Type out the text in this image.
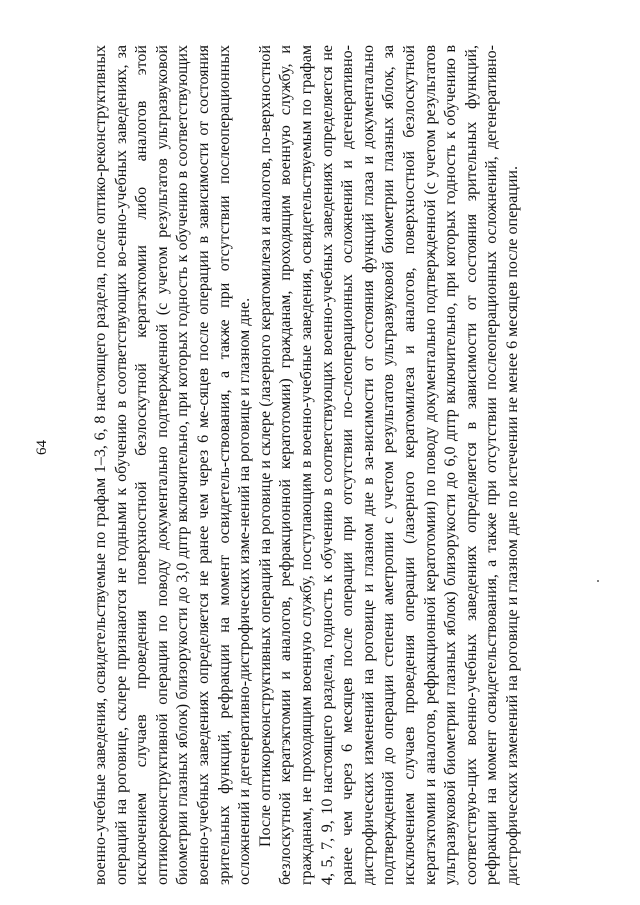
военно-учебные заведения, освидетельствуемые по графам 1–3, 6, 8 настоящего раздела, после оптико-реконструктивных операций на роговице, склере признаются не годными к обучению в соответствующих во-енно-учебных заведениях, за исключением случаев проведения поверхностной безлоскутной кератэктомии либо аналогов этой оптикореконструктивной операции по поводу документально подтвержденной (с учетом результатов ультразвуковой биометрии глазных яблок) близорукости до 3,0 дптр включительно, при которых годность к обучению в соответствующих военно-учебных заведениях определяется не ранее чем через 6 ме-сяцев после операции в зависимости от состояния зрительных функций, рефракции на момент освидетель-ствования, а также при отсутствии послеоперационных осложнений и дегенеративно-дистрофических изме-нений на роговице и глазном дне. После оптикореконструктивных операций на роговице и склере (лазерного кератомилеза и аналогов, по-верхностной безлоскутной кератэктомии и аналогов, рефракционной кератотомии) гражданам, проходящим военную службу, и гражданам, не проходящим военную службу, поступающим в военно-учебные заведения, освидетельствуемым по графам 4, 5, 7, 9, 10 настоящего раздела, годность к обучению в соответствующих военно-учебных заведениях определяется не ранее чем через 6 месяцев после операции при отсутствии по-слеоперационных осложнений и дегенеративно-дистрофических изменений на роговице и глазном дне в за-висимости от состояния функций глаза и документально подтвержденной до операции степени аметропии с учетом результатов ультразвуковой биометрии глазных яблок, за исключением случаев проведения операции (лазерного кератомилеза и аналогов, поверхностной безлоскутной кератэктомии и аналогов, рефракционной кератотомии) по поводу документально подтвержденной (с учетом результатов ультразвуковой биометрии глазных яблок) близорукости до 6,0 дптр включительно, при которых годность к обучению в соответствую-щих военно-учебных заведениях определяется в зависимости от состояния зрительных функций, рефракции на момент освидетельствования, а также при отсутствии послеоперационных осложнений, дегенеративно-дистрофических изменений на роговице и глазном дне по истечении не менее 6 месяцев после операции.

64
